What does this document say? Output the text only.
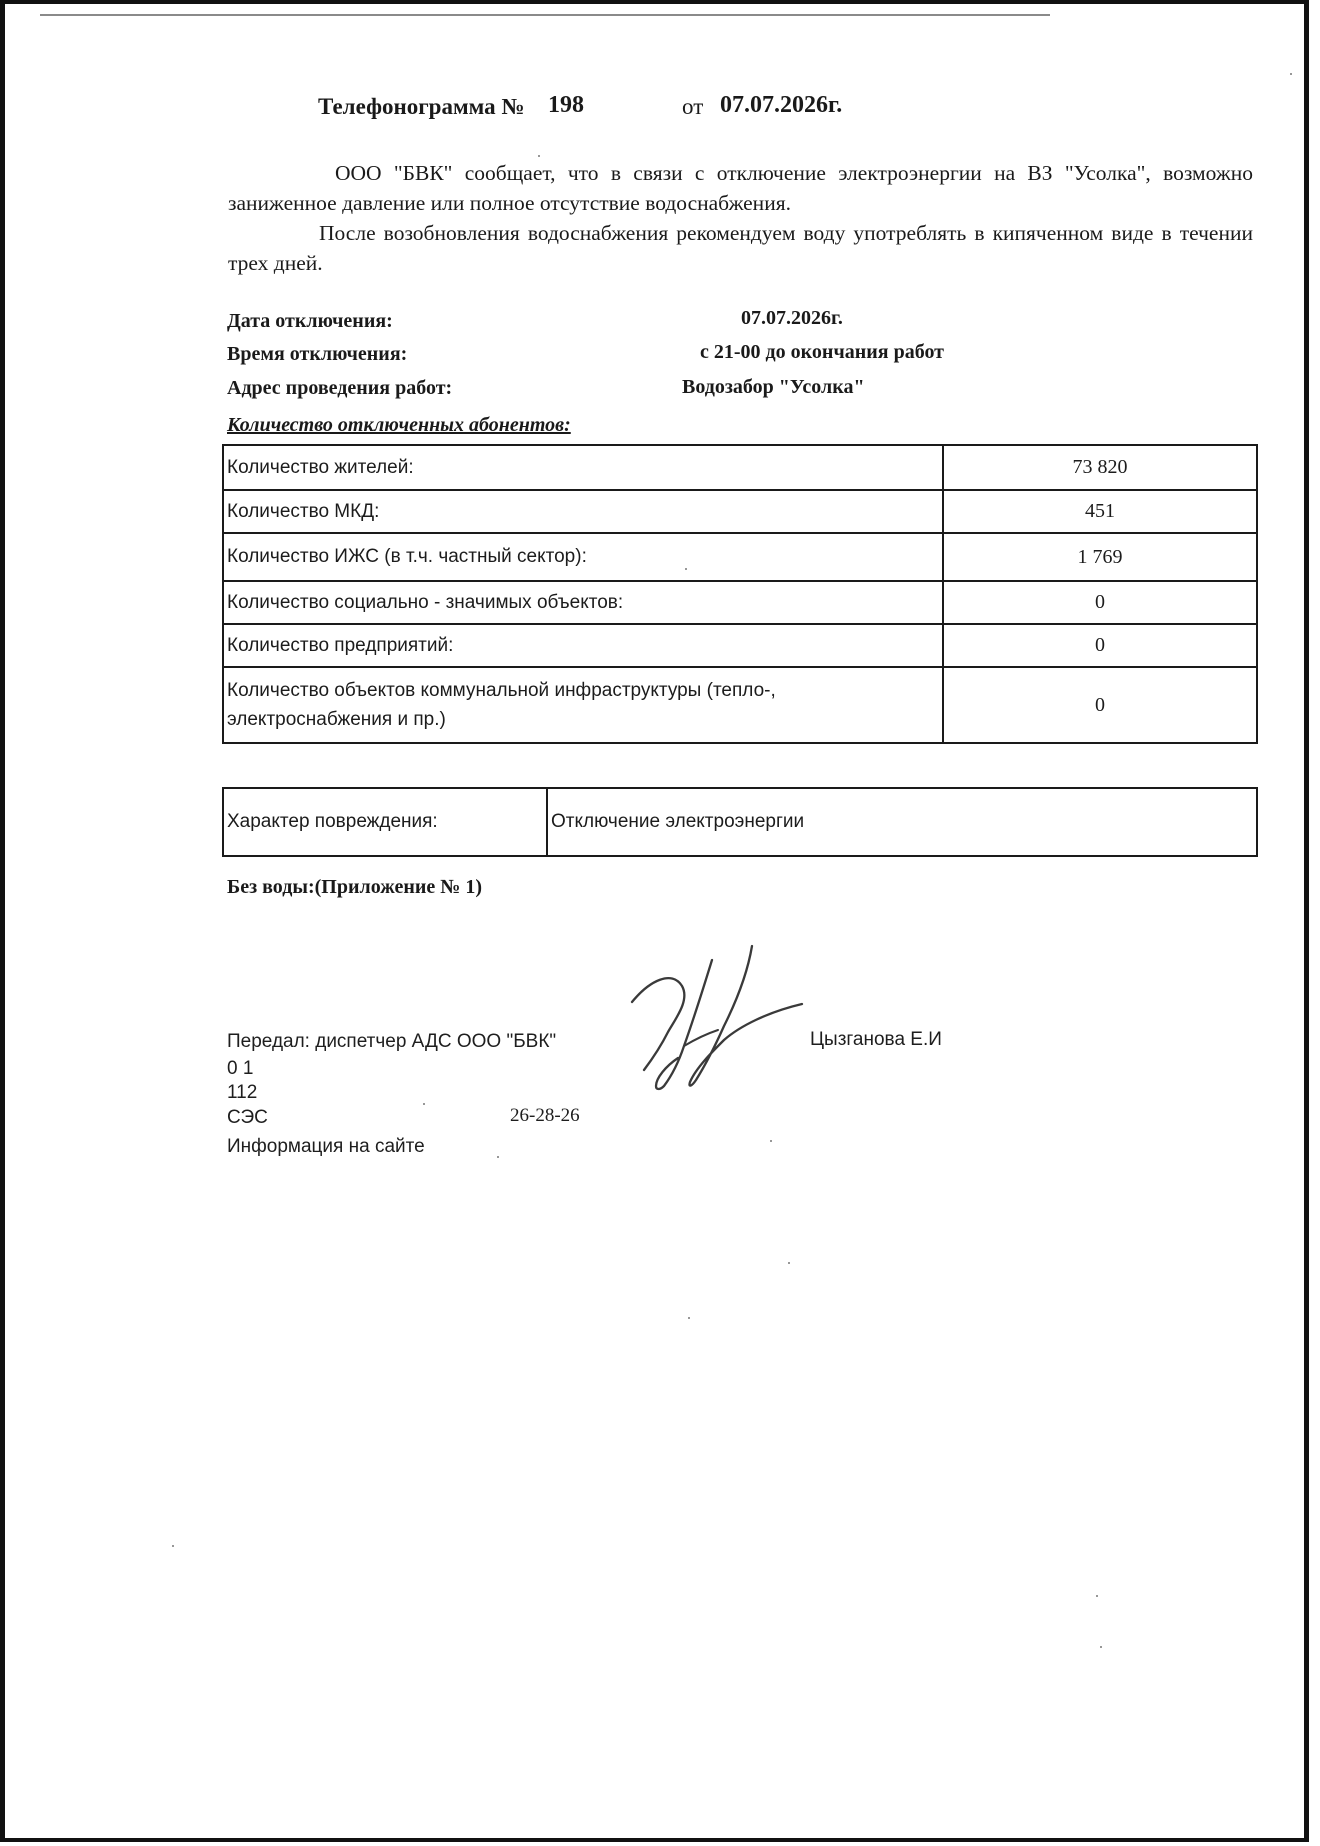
Телефонограмма № 198	от 07.07.2026г.
ООО "БВК" сообщает, что в связи с отключение электроэнергии на ВЗ "Усолка", возможно заниженное давление или полное отсутствие водоснабжения.
После возобновления водоснабжения рекомендуем воду употреблять в кипяченном виде в течении трех дней.
Дата отключения:	07.07.2026г.
Время отключения:	с 21-00 до окончания работ
Адрес проведения работ:	Водозабор "Усолка"
Количество отключенных абонентов:
Количество жителей:	73 820
Количество МКД:	451
Количество ИЖС (в т.ч. частный сектор):	1 769
Количество социально - значимых объектов:	0
Количество предприятий:	0
Количество объектов коммунальной инфраструктуры (тепло-, электроснабжения и пр.)	0
Характер повреждения:	Отключение электроэнергии
Без воды:(Приложение № 1)
Передал: диспетчер АДС ООО "БВК"	Цызганова Е.И
0 1
112
СЭС	26-28-26
Информация на сайте
